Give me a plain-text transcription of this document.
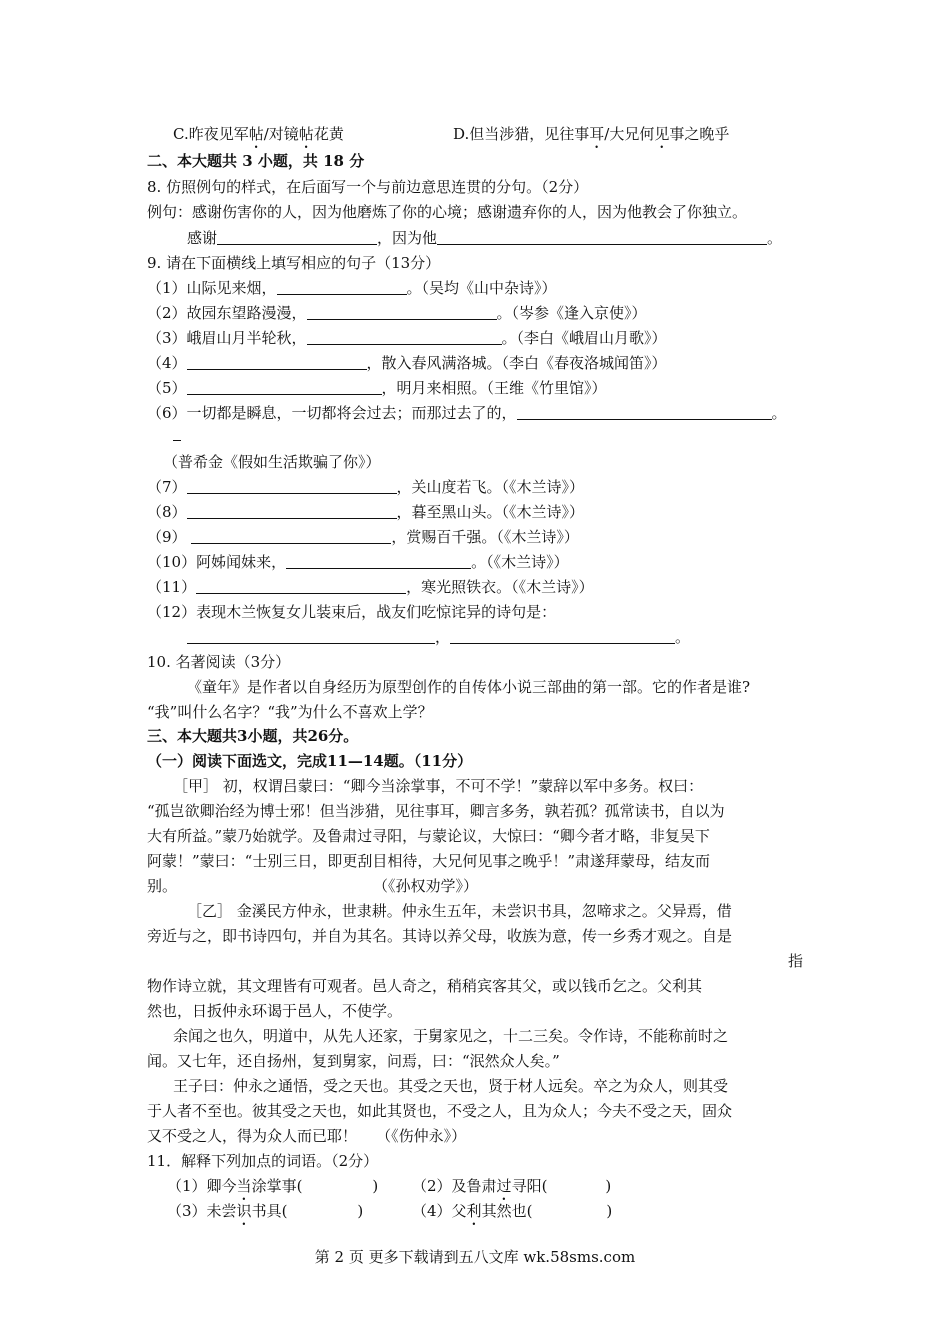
C.昨夜见军帖/对镜帖花黄	D.但当涉猎，见往事耳/大兄何见事之晚乎
二、本大题共 3 小题，共 18 分
8. 仿照例句的样式，在后面写一个与前边意思连贯的分句。（2分）
例句：感谢伤害你的人，因为他磨炼了你的心境；感谢遗弃你的人，因为他教会了你独立。
感谢	，因为他	。
9. 请在下面横线上填写相应的句子（13分）
（1）山际见来烟，	。（吴均《山中杂诗》）
（2）故园东望路漫漫，	。（岑参《逢入京使》）
（3）峨眉山月半轮秋，	。（李白《峨眉山月歌》）
（4）	，散入春风满洛城。（李白《春夜洛城闻笛》）
（5）	，明月来相照。（王维《竹里馆》）
（6）一切都是瞬息，一切都将会过去；而那过去了的，	。
（普希金《假如生活欺骗了你》）
（7）	，关山度若飞。（《木兰诗》）
（8）	，暮至黑山头。（《木兰诗》）
（9）	，赏赐百千强。（《木兰诗》）
（10）阿姊闻妹来，	。（《木兰诗》）
（11）	，寒光照铁衣。（《木兰诗》）
（12）表现木兰恢复女儿装束后，战友们吃惊诧异的诗句是：
，	。
10. 名著阅读（3分）
《童年》是作者以自身经历为原型创作的自传体小说三部曲的第一部。它的作者是谁?
“我”叫什么名字？“我”为什么不喜欢上学？
三、本大题共3小题，共26分。
（一）阅读下面选文，完成11—14题。（11分）
［甲］ 初，权谓吕蒙曰：“卿今当涂掌事，不可不学！”蒙辞以军中多务。权曰：
“孤岂欲卿治经为博士邪！但当涉猎，见往事耳，卿言多务，孰若孤？孤常读书，自以为
大有所益。”蒙乃始就学。及鲁肃过寻阳，与蒙论议，大惊曰：“卿今者才略，非复吴下
阿蒙！”蒙曰：“士别三日，即更刮目相待，大兄何见事之晚乎！”肃遂拜蒙母，结友而
别。	（《孙权劝学》）
［乙］ 金溪民方仲永，世隶耕。仲永生五年，未尝识书具，忽啼求之。父异焉，借
旁近与之，即书诗四句，并自为其名。其诗以养父母，收族为意，传一乡秀才观之。自是
指
物作诗立就，其文理皆有可观者。邑人奇之，稍稍宾客其父，或以钱币乞之。父利其
然也，日扳仲永环谒于邑人，不使学。
余闻之也久，明道中，从先人还家，于舅家见之，十二三矣。令作诗，不能称前时之
闻。又七年，还自扬州，复到舅家，问焉，曰：“泯然众人矣。”
王子曰：仲永之通悟，受之天也。其受之天也，贤于材人远矣。卒之为众人，则其受
于人者不至也。彼其受之天也，如此其贤也，不受之人，且为众人；今夫不受之天，固众
又不受之人，得为众人而已耶！ （《伤仲永》）
11．解释下列加点的词语。（2分）
（1）卿今当涂掌事(	) （2）及鲁肃过寻阳(	)
（3）未尝识书具(	)	（4）父利其然也(	)
第 2 页 更多下载请到五八文库 wk.58sms.com
